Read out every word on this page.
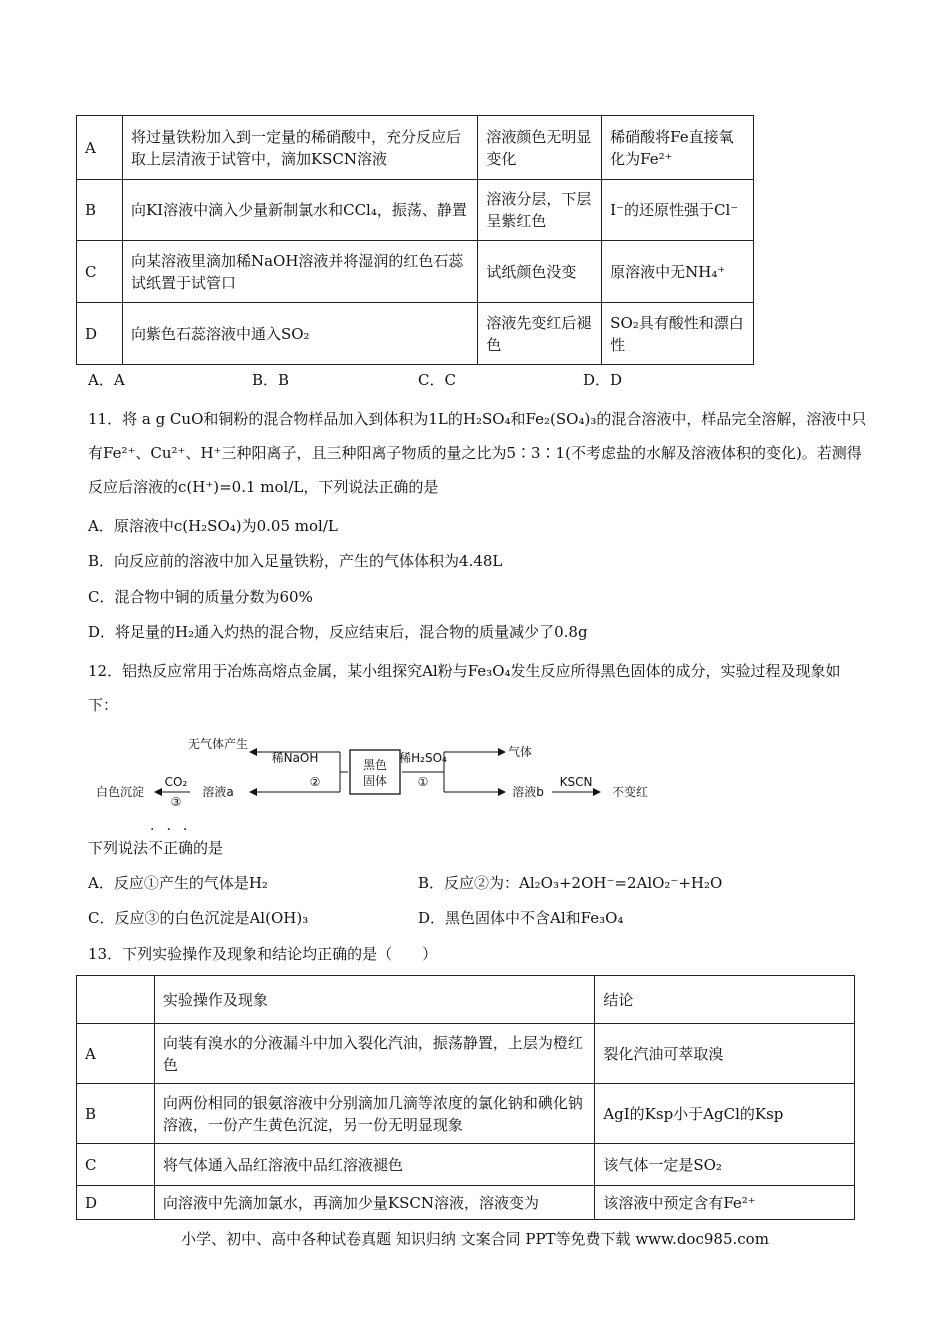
A	将过量铁粉加入到一定量的稀硝酸中，充分反应后取上层清液于试管中，滴加KSCN溶液	溶液颜色无明显变化	稀硝酸将Fe直接氧化为Fe²⁺
B	向KI溶液中滴入少量新制氯水和CCl₄，振荡、静置	溶液分层，下层呈紫红色	I⁻的还原性强于Cl⁻
C	向某溶液里滴加稀NaOH溶液并将湿润的红色石蕊试纸置于试管口	试纸颜色没变	原溶液中无NH₄⁺
D	向紫色石蕊溶液中通入SO₂	溶液先变红后褪色	SO₂具有酸性和漂白性
A．A	B．B	C．C	D．D
11．将 a g CuO和铜粉的混合物样品加入到体积为1L的H₂SO₄和Fe₂(SO₄)₃的混合溶液中，样品完全溶解，溶液中只有Fe²⁺、Cu²⁺、H⁺三种阳离子，且三种阳离子物质的量之比为5∶3∶1(不考虑盐的水解及溶液体积的变化)。若测得反应后溶液的c(H⁺)=0.1 mol/L，下列说法正确的是
A．原溶液中c(H₂SO₄)为0.05 mol/L
B．向反应前的溶液中加入足量铁粉，产生的气体体积为4.48L
C．混合物中铜的质量分数为60%
D．将足量的H₂通入灼热的混合物，反应结束后，混合物的质量减少了0.8g
12．铝热反应常用于冶炼高熔点金属，某小组探究Al粉与Fe₃O₄发生反应所得黑色固体的成分，实验过程及现象如下：
黑色固体
稀NaOH
②
无气体产生
溶液a
CO₂
③
白色沉淀
稀H₂SO₄
①
气体
溶液b
KSCN
不变红
···
下列说法不正确的是
A．反应①产生的气体是H₂	B．反应②为：Al₂O₃+2OH⁻=2AlO₂⁻+H₂O
C．反应③的白色沉淀是Al(OH)₃	D．黑色固体中不含Al和Fe₃O₄
13．下列实验操作及现象和结论均正确的是（　　）
	实验操作及现象	结论
A	向装有溴水的分液漏斗中加入裂化汽油，振荡静置，上层为橙红色	裂化汽油可萃取溴
B	向两份相同的银氨溶液中分别滴加几滴等浓度的氯化钠和碘化钠溶液，一份产生黄色沉淀，另一份无明显现象	AgI的Ksp小于AgCl的Ksp
C	将气体通入品红溶液中品红溶液褪色	该气体一定是SO₂
D	向溶液中先滴加氯水，再滴加少量KSCN溶液，溶液变为	该溶液中预定含有Fe²⁺
小学、初中、高中各种试卷真题 知识归纳 文案合同 PPT等免费下载 www.doc985.com
